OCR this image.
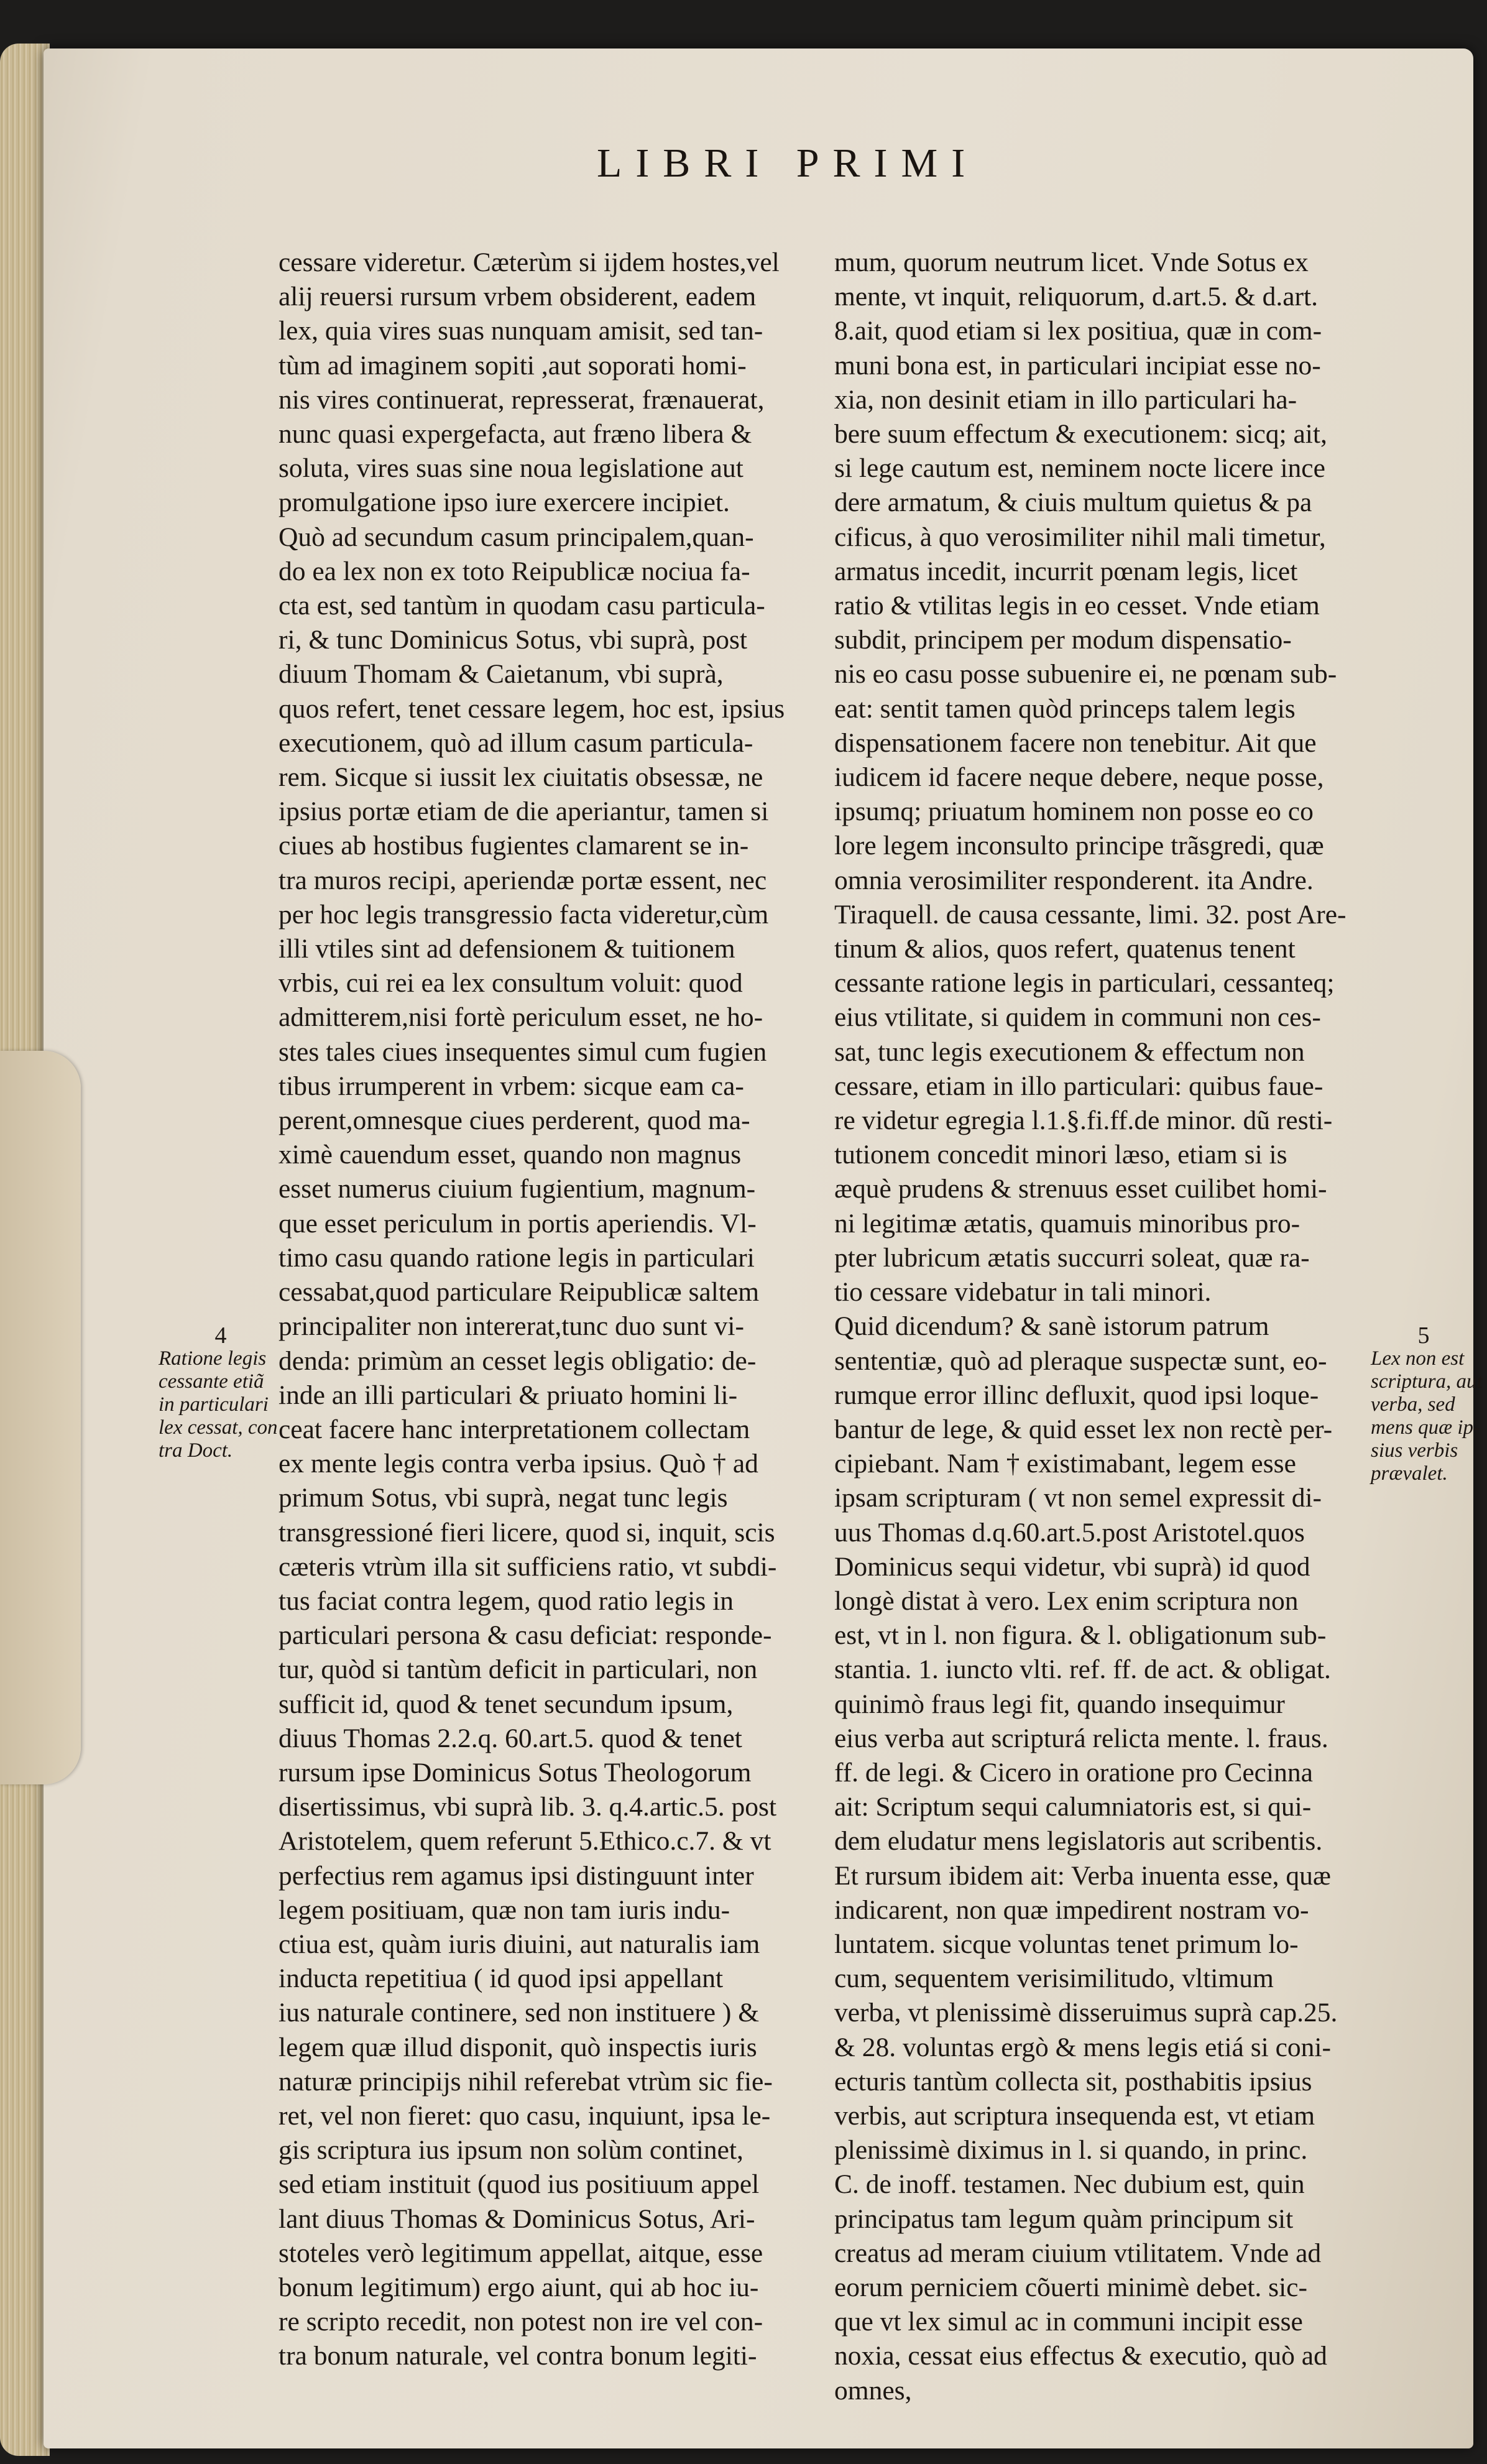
LIBRI PRIMI
4
Ratione legis
cessante etiã
in particulari
lex cessat, con
tra Doct.
5
Lex non est
scriptura, aut
verba, sed
mens quæ ip-
sius verbis
prævalet.
cessare videretur. Cæterùm si ijdem hostes,vel
alij reuersi rursum vrbem obsiderent, eadem
lex, quia vires suas nunquam amisit, sed tan-
tùm ad imaginem sopiti ,aut soporati homi-
nis vires continuerat, represserat, frænauerat,
nunc quasi expergefacta, aut fræno libera &
soluta, vires suas sine noua legislatione aut
promulgatione ipso iure exercere incipiet.
Quò ad secundum casum principalem,quan-
do ea lex non ex toto Reipublicæ nociua fa-
cta est, sed tantùm in quodam casu particula-
ri, & tunc Dominicus Sotus, vbi suprà, post
diuum Thomam & Caietanum, vbi suprà,
quos refert, tenet cessare legem, hoc est, ipsius
executionem, quò ad illum casum particula-
rem. Sicque si iussit lex ciuitatis obsessæ, ne
ipsius portæ etiam de die aperiantur, tamen si
ciues ab hostibus fugientes clamarent se in-
tra muros recipi, aperiendæ portæ essent, nec
per hoc legis transgressio facta videretur,cùm
illi vtiles sint ad defensionem & tuitionem
vrbis, cui rei ea lex consultum voluit: quod
admitterem,nisi fortè periculum esset, ne ho-
stes tales ciues insequentes simul cum fugien
tibus irrumperent in vrbem: sicque eam ca-
perent,omnesque ciues perderent, quod ma-
ximè cauendum esset, quando non magnus
esset numerus ciuium fugientium, magnum-
que esset periculum in portis aperiendis. Vl-
timo casu quando ratione legis in particulari
cessabat,quod particulare Reipublicæ saltem
principaliter non intererat,tunc duo sunt vi-
denda: primùm an cesset legis obligatio: de-
inde an illi particulari & priuato homini li-
ceat facere hanc interpretationem collectam
ex mente legis contra verba ipsius. Quò † ad
primum Sotus, vbi suprà, negat tunc legis
transgressioné fieri licere, quod si, inquit, scis
cæteris vtrùm illa sit sufficiens ratio, vt subdi-
tus faciat contra legem, quod ratio legis in
particulari persona & casu deficiat: responde-
tur, quòd si tantùm deficit in particulari, non
sufficit id, quod & tenet secundum ipsum,
diuus Thomas 2.2.q. 60.art.5. quod & tenet
rursum ipse Dominicus Sotus Theologorum
disertissimus, vbi suprà lib. 3. q.4.artic.5. post
Aristotelem, quem referunt 5.Ethico.c.7. & vt
perfectius rem agamus ipsi distinguunt inter
legem positiuam, quæ non tam iuris indu-
ctiua est, quàm iuris diuini, aut naturalis iam
inducta repetitiua ( id quod ipsi appellant
ius naturale continere, sed non instituere ) &
legem quæ illud disponit, quò inspectis iuris
naturæ principijs nihil referebat vtrùm sic fie-
ret, vel non fieret: quo casu, inquiunt, ipsa le-
gis scriptura ius ipsum non solùm continet,
sed etiam instituit (quod ius positiuum appel
lant diuus Thomas & Dominicus Sotus, Ari-
stoteles verò legitimum appellat, aitque, esse
bonum legitimum) ergo aiunt, qui ab hoc iu-
re scripto recedit, non potest non ire vel con-
tra bonum naturale, vel contra bonum legiti-
mum, quorum neutrum licet. Vnde Sotus ex
mente, vt inquit, reliquorum, d.art.5. & d.art.
8.ait, quod etiam si lex positiua, quæ in com-
muni bona est, in particulari incipiat esse no-
xia, non desinit etiam in illo particulari ha-
bere suum effectum & executionem: sicq; ait,
si lege cautum est, neminem nocte licere ince
dere armatum, & ciuis multum quietus & pa
cificus, à quo verosimiliter nihil mali timetur,
armatus incedit, incurrit pœnam legis, licet
ratio & vtilitas legis in eo cesset. Vnde etiam
subdit, principem per modum dispensatio-
nis eo casu posse subuenire ei, ne pœnam sub-
eat: sentit tamen quòd princeps talem legis
dispensationem facere non tenebitur. Ait que
iudicem id facere neque debere, neque posse,
ipsumq; priuatum hominem non posse eo co
lore legem inconsulto principe trãsgredi, quæ
omnia verosimiliter responderent. ita Andre.
Tiraquell. de causa cessante, limi. 32. post Are-
tinum & alios, quos refert, quatenus tenent
cessante ratione legis in particulari, cessanteq;
eius vtilitate, si quidem in communi non ces-
sat, tunc legis executionem & effectum non
cessare, etiam in illo particulari: quibus faue-
re videtur egregia l.1.§.fi.ff.de minor. dũ resti-
tutionem concedit minori læso, etiam si is
æquè prudens & strenuus esset cuilibet homi-
ni legitimæ ætatis, quamuis minoribus pro-
pter lubricum ætatis succurri soleat, quæ ra-
tio cessare videbatur in tali minori.
Quid dicendum? & sanè istorum patrum
sententiæ, quò ad pleraque suspectæ sunt, eo-
rumque error illinc defluxit, quod ipsi loque-
bantur de lege, & quid esset lex non rectè per-
cipiebant. Nam † existimabant, legem esse
ipsam scripturam ( vt non semel expressit di-
uus Thomas d.q.60.art.5.post Aristotel.quos
Dominicus sequi videtur, vbi suprà) id quod
longè distat à vero. Lex enim scriptura non
est, vt in l. non figura. & l. obligationum sub-
stantia. 1. iuncto vlti. ref. ff. de act. & obligat.
quinimò fraus legi fit, quando insequimur
eius verba aut scripturá relicta mente. l. fraus.
ff. de legi. & Cicero in oratione pro Cecinna
ait: Scriptum sequi calumniatoris est, si qui-
dem eludatur mens legislatoris aut scribentis.
Et rursum ibidem ait: Verba inuenta esse, quæ
indicarent, non quæ impedirent nostram vo-
luntatem. sicque voluntas tenet primum lo-
cum, sequentem verisimilitudo, vltimum
verba, vt plenissimè disseruimus suprà cap.25.
& 28. voluntas ergò & mens legis etiá si coni-
ecturis tantùm collecta sit, posthabitis ipsius
verbis, aut scriptura insequenda est, vt etiam
plenissimè diximus in l. si quando, in princ.
C. de inoff. testamen. Nec dubium est, quin
principatus tam legum quàm principum sit
creatus ad meram ciuium vtilitatem. Vnde ad
eorum perniciem cõuerti minimè debet. sic-
que vt lex simul ac in communi incipit esse
noxia, cessat eius effectus & executio, quò ad
omnes,
